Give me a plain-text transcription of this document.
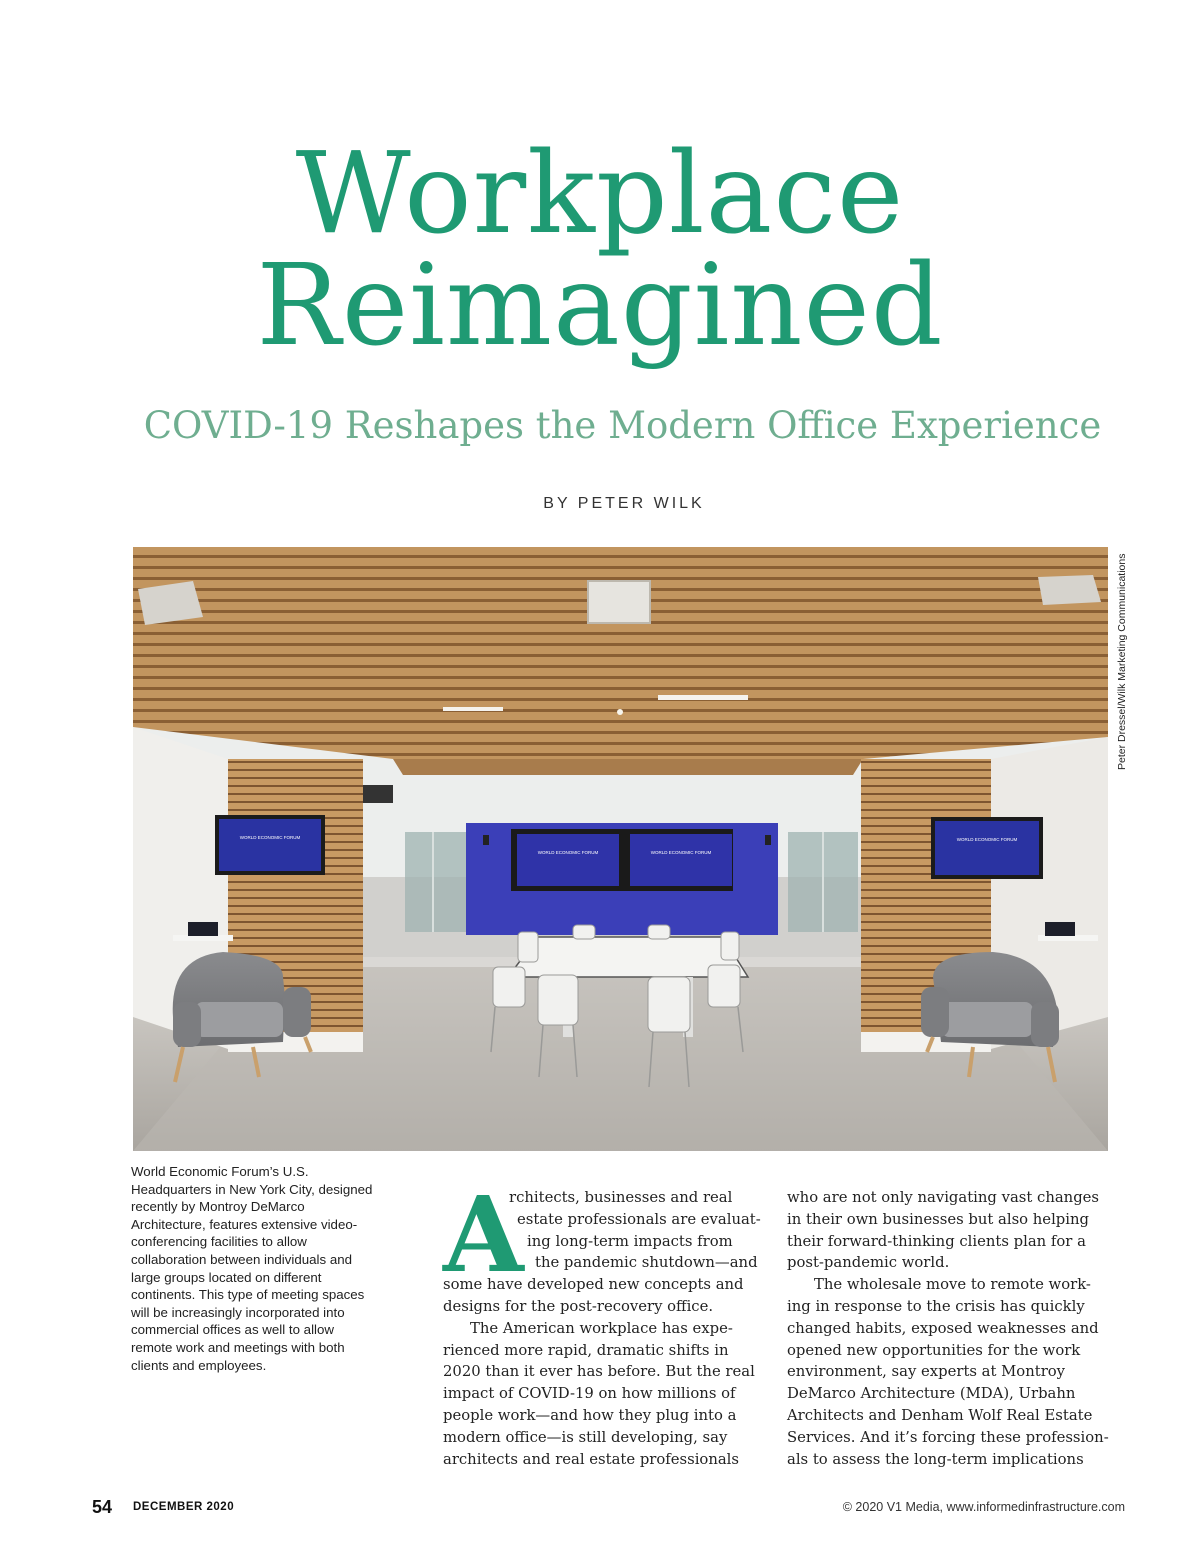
Workplace
Reimagined
COVID-19 Reshapes the Modern Office Experience
BY PETER WILK
WORLD ECONOMIC FORUM	WORLD ECONOMIC FORUM
WORLD ECONOMIC FORUM	WORLD ECONOMIC FORUM
Peter Dressel/Wilk Marketing Communications
World Economic Forum’s U.S. Headquarters in New York City, designed recently by Montroy DeMarco Architecture, features extensive video-conferencing facilities to allow collaboration between individuals and large groups located on different continents. This type of meeting spaces will be increasingly incorporated into commercial offices as well to allow remote work and meetings with both clients and employees.
A
rchitects, businesses and real
estate professionals are evaluat-
ing long-term impacts from
the pandemic shutdown—and
some have developed new concepts and
designs for the post-recovery office.
The American workplace has expe-
rienced more rapid, dramatic shifts in
2020 than it ever has before. But the real
impact of COVID-19 on how millions of
people work—and how they plug into a
modern office—is still developing, say
architects and real estate professionals
who are not only navigating vast changes
in their own businesses but also helping
their forward-thinking clients plan for a
post-pandemic world.
The wholesale move to remote work-
ing in response to the crisis has quickly
changed habits, exposed weaknesses and
opened new opportunities for the work
environment, say experts at Montroy
DeMarco Architecture (MDA), Urbahn
Architects and Denham Wolf Real Estate
Services. And it’s forcing these profession-
als to assess the long-term implications
54 DECEMBER 2020	© 2020 V1 Media, www.informedinfrastructure.com
